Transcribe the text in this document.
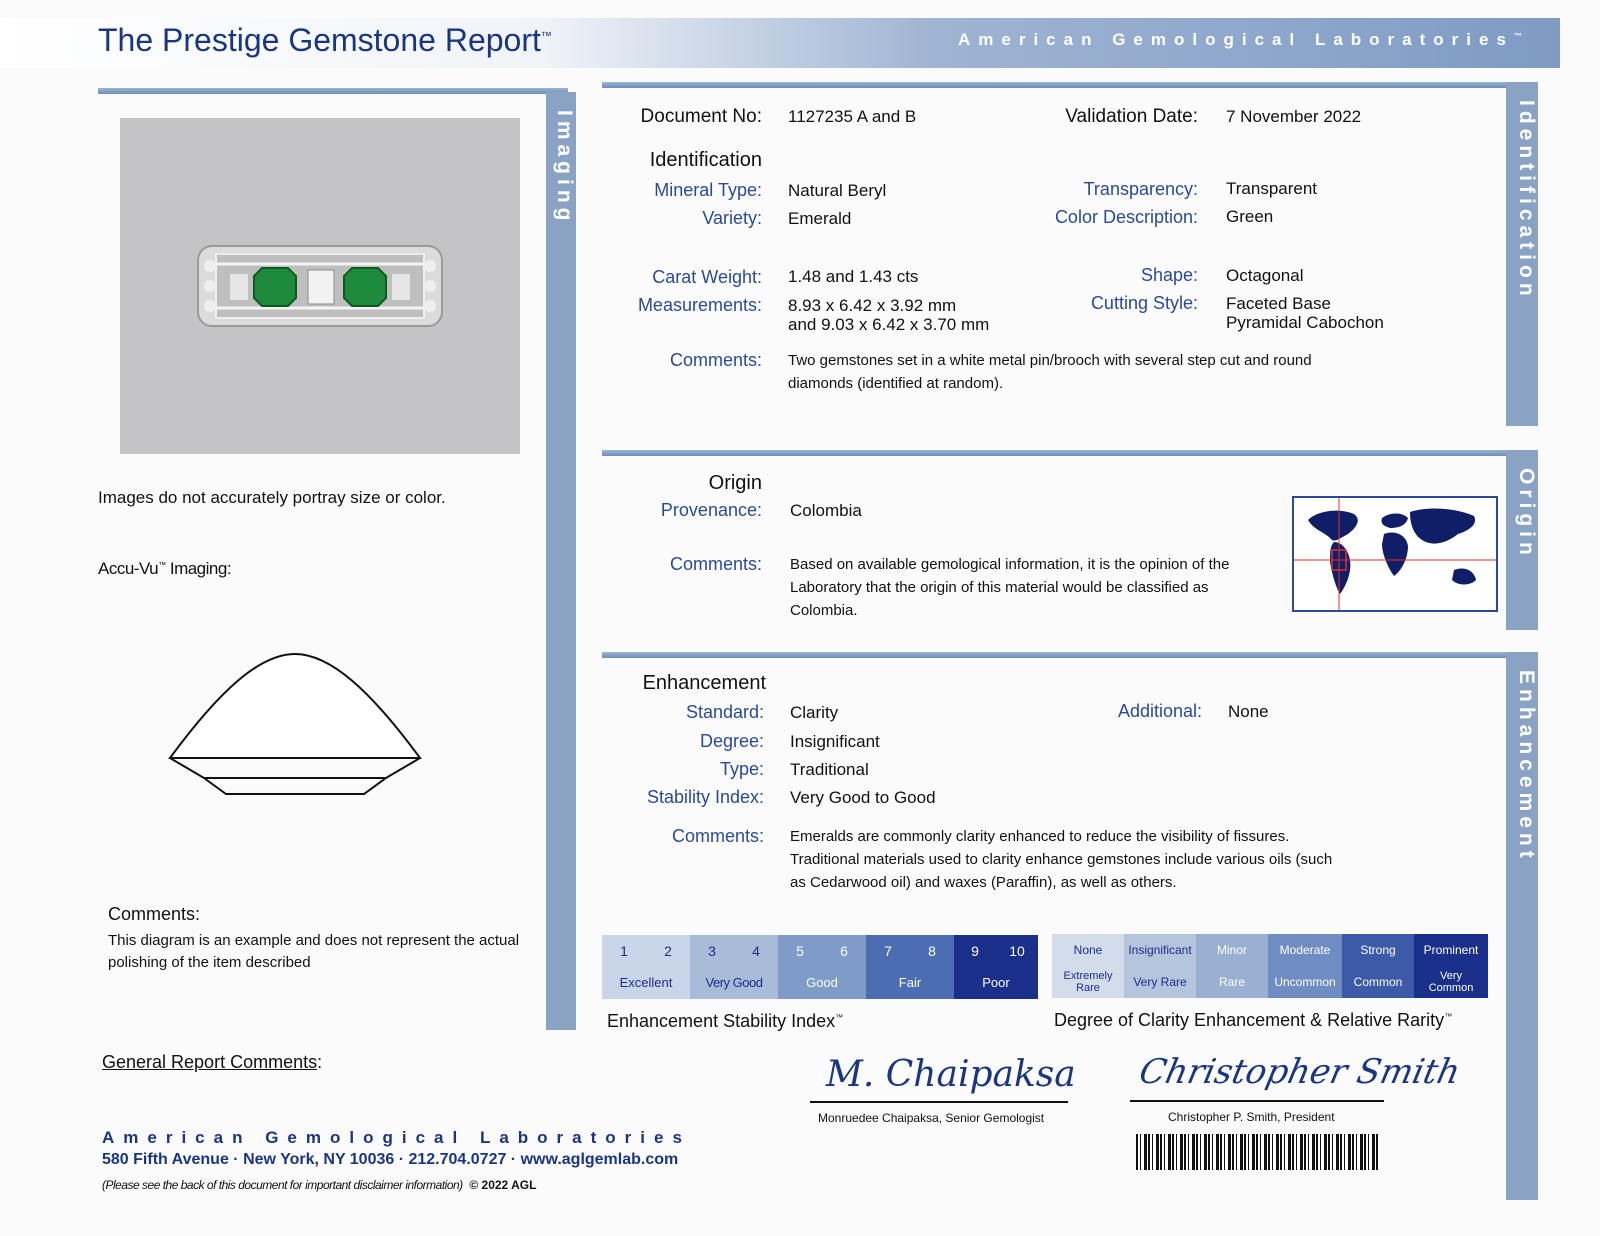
The Prestige Gemstone Report™	American Gemological Laboratories™
Imaging
Images do not accurately portray size or color.
Accu-Vu™ Imaging:
Comments:
This diagram is an example and does not represent the actual polishing of the item described
Identification
Document No: 1127235 A and B	Validation Date: 7 November 2022
Identification
Mineral Type: Natural Beryl
Variety: Emerald
Transparency: Transparent
Color Description: Green
Carat Weight: 1.48 and 1.43 cts
Measurements: 8.93 x 6.42 x 3.92 mm
and 9.03 x 6.42 x 3.70 mm
Shape: Octagonal
Cutting Style: Faceted Base
Pyramidal Cabochon
Comments: Two gemstones set in a white metal pin/brooch with several step cut and round diamonds (identified at random).
Origin
Origin
Provenance: Colombia
Comments: Based on available gemological information, it is the opinion of the Laboratory that the origin of this material would be classified as Colombia.
Enhancement
Enhancement
Standard: Clarity
Degree: Insignificant
Type: Traditional
Stability Index: Very Good to Good
Additional: None
Comments: Emeralds are commonly clarity enhanced to reduce the visibility of fissures. Traditional materials used to clarity enhance gemstones include various oils (such as Cedarwood oil) and waxes (Paraffin), as well as others.
1	2	3	4	5	6	7	8	9	10
Excellent	Very Good	Good	Fair	Poor
Enhancement Stability Index™
None	Insignificant	Minor	Moderate	Strong	Prominent
Extremely Rare	Very Rare	Rare	Uncommon	Common	Very Common
Degree of Clarity Enhancement & Relative Rarity™
General Report Comments:
American Gemological Laboratories
580 Fifth Avenue · New York, NY 10036 · 212.704.0727 · www.aglgemlab.com
(Please see the back of this document for important disclaimer information) © 2022 AGL
M. Chaipaksa
Monruedee Chaipaksa, Senior Gemologist
Christopher Smith
Christopher P. Smith, President
